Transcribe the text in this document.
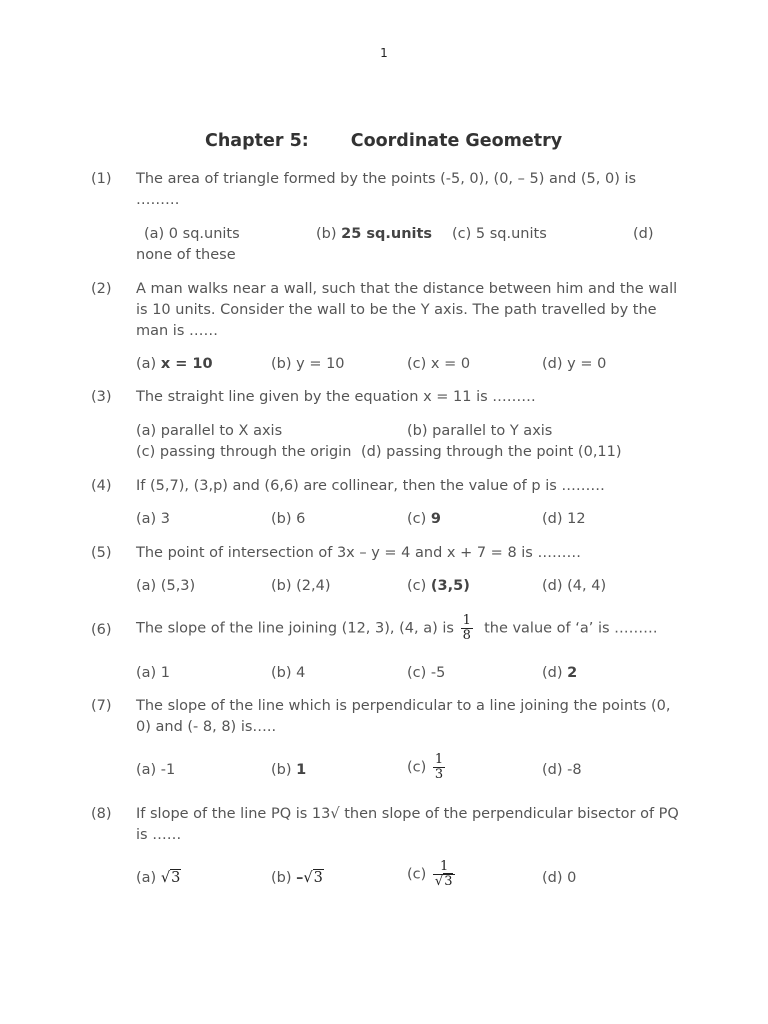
1
Chapter 5: Coordinate Geometry
(1) The area of triangle formed by the points (-5, 0), (0, – 5) and (5, 0) is ………
(a) 0 sq.units	(b) 25 sq.units (c) 5 sq.units	(d)
none of these
(2) A man walks near a wall, such that the distance between him and the wall is 10 units. Consider the wall to be the Y axis. The path travelled by the man is ……
(a) x = 10	(b) y = 10	(c) x = 0	(d) y = 0
(3) The straight line given by the equation x = 11 is ………
(a) parallel to X axis	(b) parallel to Y axis
(c) passing through the origin (d) passing through the point (0,11)
(4) If (5,7), (3,p) and (6,6) are collinear, then the value of p is ………
(a) 3	(b) 6	(c) 9	(d) 12
(5) The point of intersection of 3x – y = 4 and x + 7 = 8 is ………
(a) (5,3)	(b) (2,4)	(c) (3,5)	(d) (4, 4)
(6) The slope of the line joining (12, 3), (4, a) is $\frac{1}{8}$ the value of ‘a’ is ………
(a) 1	(b) 4	(c) -5	(d) 2
(7) The slope of the line which is perpendicular to a line joining the points (0, 0) and (- 8, 8) is…..
(a) -1	(b) 1	$(c) \frac{1}{3}$	(d) -8
(8) If slope of the line PQ is 13√ then slope of the perpendicular bisector of PQ is ……
(a) √3	(b) –√3	$(c) \frac{1}{√3}$	(d) 0
